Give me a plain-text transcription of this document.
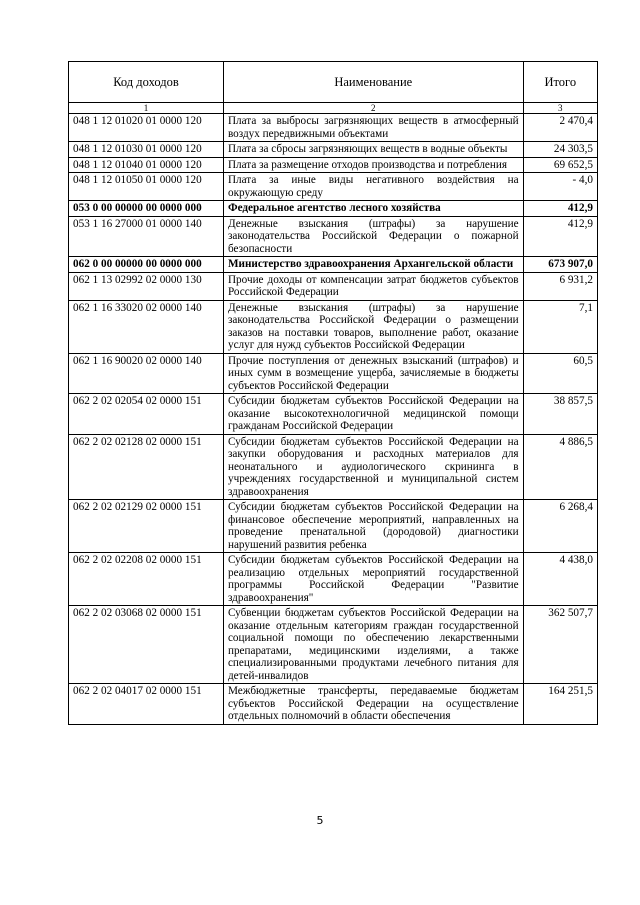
Код доходов	Наименование	Итого
1	2	3
048 1 12 01020 01 0000 120	Плата за выбросы загрязняющих веществ в атмосферный воздух передвижными объектами	2 470,4
048 1 12 01030 01 0000 120	Плата за сбросы загрязняющих веществ в водные объекты	24 303,5
048 1 12 01040 01 0000 120	Плата за размещение отходов производства и потребления	69 652,5
048 1 12 01050 01 0000 120	Плата за иные виды негативного воздействия на окружающую среду	- 4,0
053 0 00 00000 00 0000 000	Федеральное агентство лесного хозяйства	412,9
053 1 16 27000 01 0000 140	Денежные взыскания (штрафы) за нарушение законодательства Российской Федерации о пожарной безопасности	412,9
062 0 00 00000 00 0000 000	Министерство здравоохранения Архангельской области	673 907,0
062 1 13 02992 02 0000 130	Прочие доходы от компенсации затрат бюджетов субъектов Российской Федерации	6 931,2
062 1 16 33020 02 0000 140	Денежные взыскания (штрафы) за нарушение законодательства Российской Федерации о размещении заказов на поставки товаров, выполнение работ, оказание услуг для нужд субъектов Российской Федерации	7,1
062 1 16 90020 02 0000 140	Прочие поступления от денежных взысканий (штрафов) и иных сумм в возмещение ущерба, зачисляемые в бюджеты субъектов Российской Федерации	60,5
062 2 02 02054 02 0000 151	Субсидии бюджетам субъектов Российской Федерации на оказание высокотехнологичной медицинской помощи гражданам Российской Федерации	38 857,5
062 2 02 02128 02 0000 151	Субсидии бюджетам субъектов Российской Федерации на закупки оборудования и расходных материалов для неонатального и аудиологического скрининга в учреждениях государственной и муниципальной систем здравоохранения	4 886,5
062 2 02 02129 02 0000 151	Субсидии бюджетам субъектов Российской Федерации на финансовое обеспечение мероприятий, направленных на проведение пренатальной (дородовой) диагностики нарушений развития ребенка	6 268,4
062 2 02 02208 02 0000 151	Субсидии бюджетам субъектов Российской Федерации на реализацию отдельных мероприятий государственной программы Российской Федерации "Развитие здравоохранения"	4 438,0
062 2 02 03068 02 0000 151	Субвенции бюджетам субъектов Российской Федерации на оказание отдельным категориям граждан государственной социальной помощи по обеспечению лекарственными препаратами, медицинскими изделиями, а также специализированными продуктами лечебного питания для детей-инвалидов	362 507,7
062 2 02 04017 02 0000 151	Межбюджетные трансферты, передаваемые бюджетам субъектов Российской Федерации на осуществление отдельных полномочий в области обеспечения	164 251,5
5
